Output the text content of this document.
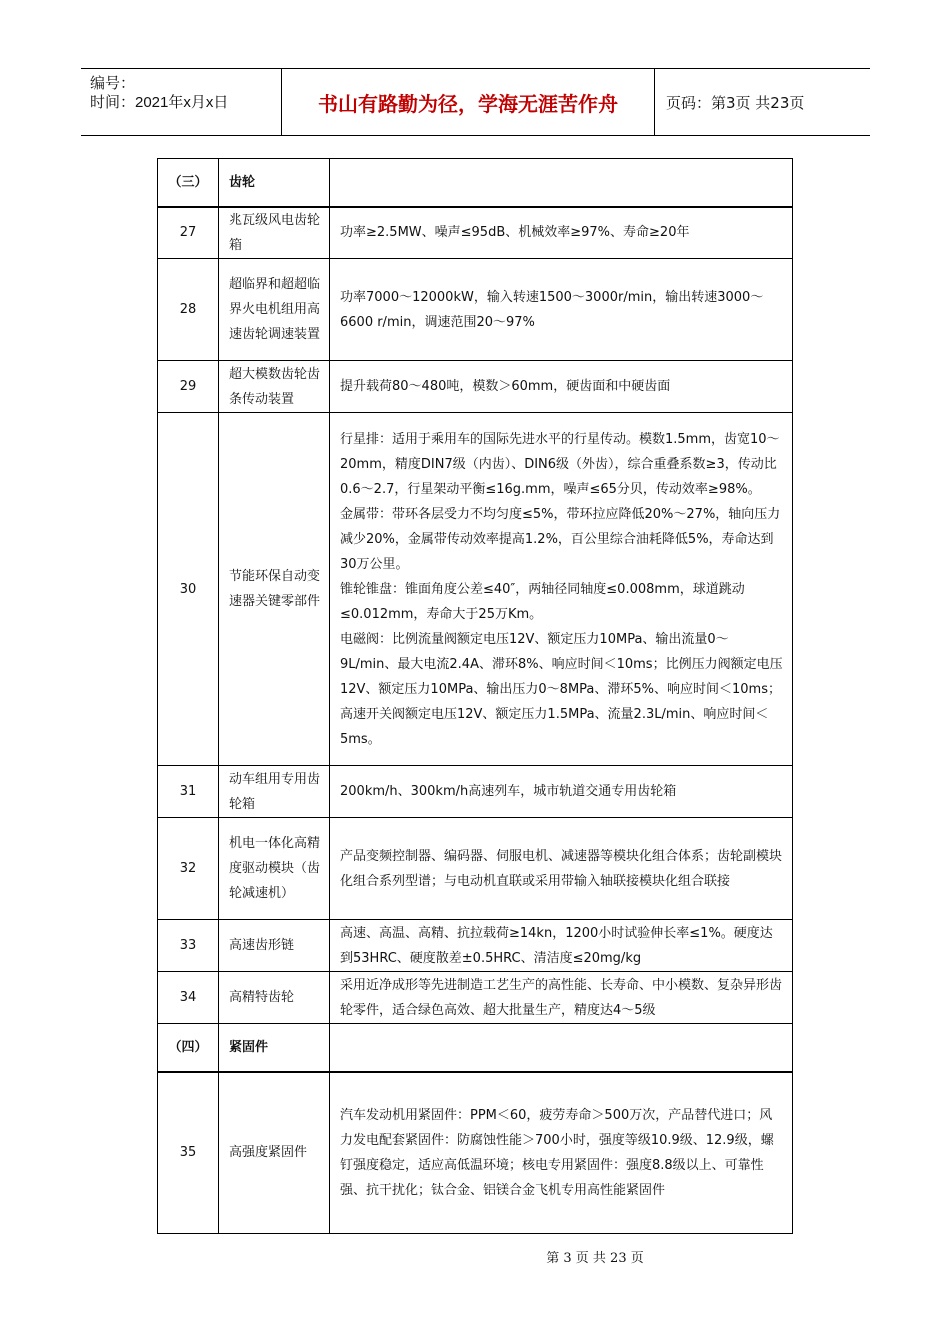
编号：
时间：2021年x月x日	书山有路勤为径，学海无涯苦作舟	页码：第3页 共23页
（三）	齿轮	
27	兆瓦级风电齿轮箱	功率≥2.5MW、噪声≤95dB、机械效率≥97%、寿命≥20年

28	超临界和超超临界火电机组用高速齿轮调速装置	功率7000～12000kW，输入转速1500～3000r/min，输出转速3000～6600 r/min，调速范围20～97%

29	超大模数齿轮齿条传动装置	提升载荷80～480吨，模数＞60mm，硬齿面和中硬齿面

30	节能环保自动变速器关键零部件	行星排：适用于乘用车的国际先进水平的行星传动。模数1.5mm，齿宽10～20mm，精度DIN7级（内齿）、DIN6级（外齿），综合重叠系数≥3，传动比0.6～2.7，行星架动平衡≤16g.mm，噪声≤65分贝，传动效率≥98%。

金属带：带环各层受力不均匀度≤5%，带环拉应降低20%～27%，轴向压力减少20%，金属带传动效率提高1.2%，百公里综合油耗降低5%，寿命达到30万公里。

锥轮锥盘：锥面角度公差≤40″，两轴径同轴度≤0.008mm，球道跳动≤0.012mm，寿命大于25万Km。

电磁阀：比例流量阀额定电压12V、额定压力10MPa、输出流量0～9L/min、最大电流2.4A、滞环8%、响应时间＜10ms；比例压力阀额定电压12V、额定压力10MPa、输出压力0～8MPa、滞环5%、响应时间＜10ms；高速开关阀额定电压12V、额定压力1.5MPa、流量2.3L/min、响应时间＜5ms。

31	动车组用专用齿轮箱	200km/h、300km/h高速列车，城市轨道交通专用齿轮箱

32	机电一体化高精度驱动模块（齿轮减速机）	产品变频控制器、编码器、伺服电机、减速器等模块化组合体系；齿轮副模块化组合系列型谱；与电动机直联或采用带输入轴联接模块化组合联接

33	高速齿形链	高速、高温、高精、抗拉载荷≥14kn，1200小时试验伸长率≤1%。硬度达到53HRC、硬度散差±0.5HRC、清洁度≤20mg/kg

34	高精特齿轮	采用近净成形等先进制造工艺生产的高性能、长寿命、中小模数、复杂异形齿轮零件，适合绿色高效、超大批量生产，精度达4～5级

（四）	紧固件	
35	高强度紧固件	汽车发动机用紧固件：PPM＜60，疲劳寿命＞500万次，产品替代进口；风力发电配套紧固件：防腐蚀性能＞700小时，强度等级10.9级、12.9级，螺钉强度稳定，适应高低温环境；核电专用紧固件：强度8.8级以上、可靠性强、抗干扰化；钛合金、铝镁合金飞机专用高性能紧固件

第 3 页 共 23 页
